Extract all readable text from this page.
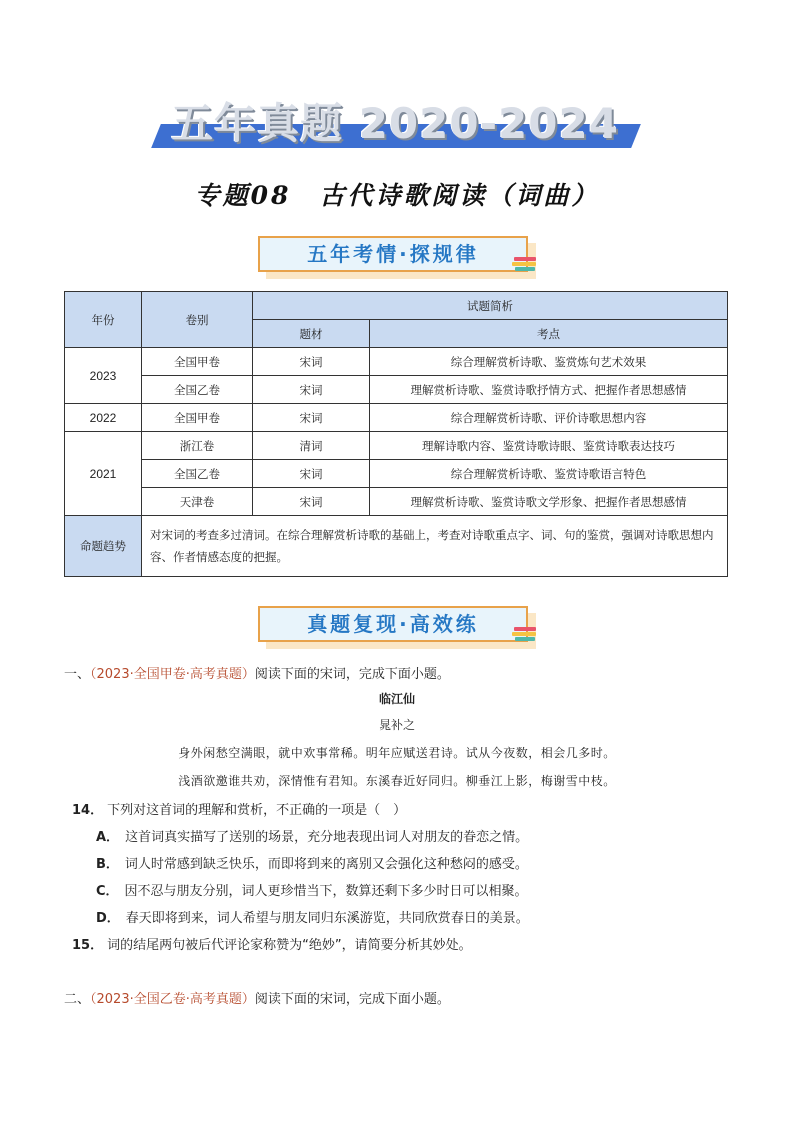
五年真题 2020-2024
专题08　古代诗歌阅读（词曲）
五年考情·探规律
年份	卷别	试题简析	
		题材	考点
2023	全国甲卷	宋词	综合理解赏析诗歌、鉴赏炼句艺术效果
	全国乙卷	宋词	理解赏析诗歌、鉴赏诗歌抒情方式、把握作者思想感情
2022	全国甲卷	宋词	综合理解赏析诗歌、评价诗歌思想内容
2021	浙江卷	清词	理解诗歌内容、鉴赏诗歌诗眼、鉴赏诗歌表达技巧
	全国乙卷	宋词	综合理解赏析诗歌、鉴赏诗歌语言特色
	天津卷	宋词	理解赏析诗歌、鉴赏诗歌文学形象、把握作者思想感情
命题趋势	对宋词的考查多过清词。在综合理解赏析诗歌的基础上，考查对诗歌重点字、词、句的鉴赏，强调对诗歌思想内容、作者情感态度的把握。		
真题复现·高效练
一、（2023·全国甲卷·高考真题）阅读下面的宋词，完成下面小题。
临江仙
晁补之
身外闲愁空满眼，就中欢事常稀。明年应赋送君诗。试从今夜数，相会几多时。
浅酒欲邀谁共劝，深情惟有君知。东溪春近好同归。柳垂江上影，梅谢雪中枝。
14． 下列对这首词的理解和赏析，不正确的一项是（　）
A． 这首词真实描写了送别的场景，充分地表现出词人对朋友的眷恋之情。
B． 词人时常感到缺乏快乐，而即将到来的离别又会强化这种愁闷的感受。
C． 因不忍与朋友分别，词人更珍惜当下，数算还剩下多少时日可以相聚。
D． 春天即将到来，词人希望与朋友同归东溪游览，共同欣赏春日的美景。
15． 词的结尾两句被后代评论家称赞为“绝妙”，请简要分析其妙处。
二、（2023·全国乙卷·高考真题）阅读下面的宋词，完成下面小题。
